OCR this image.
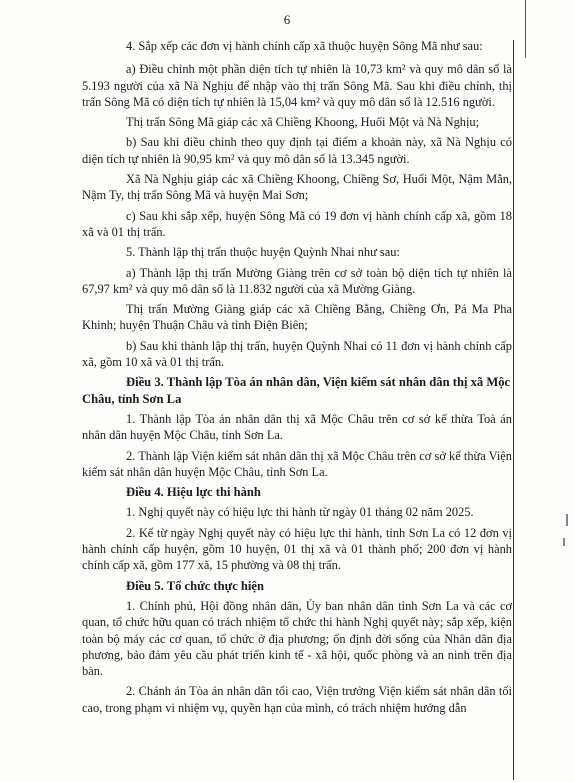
6

4. Sắp xếp các đơn vị hành chính cấp xã thuộc huyện Sông Mã như sau:

a) Điều chỉnh một phần diện tích tự nhiên là 10,73 km² và quy mô dân số là 5.193 người của xã Nà Nghịu để nhập vào thị trấn Sông Mã. Sau khi điều chỉnh, thị trấn Sông Mã có diện tích tự nhiên là 15,04 km² và quy mô dân số là 12.516 người.

Thị trấn Sông Mã giáp các xã Chiềng Khoong, Huổi Một và Nà Nghịu;

b) Sau khi điều chỉnh theo quy định tại điểm a khoản này, xã Nà Nghịu có diện tích tự nhiên là 90,95 km² và quy mô dân số là 13.345 người.

Xã Nà Nghịu giáp các xã Chiềng Khoong, Chiềng Sơ, Huổi Một, Nậm Mằn, Nậm Ty, thị trấn Sông Mã và huyện Mai Sơn;

c) Sau khi sắp xếp, huyện Sông Mã có 19 đơn vị hành chính cấp xã, gồm 18 xã và 01 thị trấn.

5. Thành lập thị trấn thuộc huyện Quỳnh Nhai như sau:

a) Thành lập thị trấn Mường Giàng trên cơ sở toàn bộ diện tích tự nhiên là 67,97 km² và quy mô dân số là 11.832 người của xã Mường Giàng.

Thị trấn Mường Giàng giáp các xã Chiềng Bằng, Chiềng Ơn, Pá Ma Pha Khinh; huyện Thuận Châu và tỉnh Điện Biên;

b) Sau khi thành lập thị trấn, huyện Quỳnh Nhai có 11 đơn vị hành chính cấp xã, gồm 10 xã và 01 thị trấn.

Điều 3. Thành lập Tòa án nhân dân, Viện kiểm sát nhân dân thị xã Mộc Châu, tỉnh Sơn La

1. Thành lập Tòa án nhân dân thị xã Mộc Châu trên cơ sở kế thừa Toà án nhân dân huyện Mộc Châu, tỉnh Sơn La.

2. Thành lập Viện kiểm sát nhân dân thị xã Mộc Châu trên cơ sở kế thừa Viện kiểm sát nhân dân huyện Mộc Châu, tỉnh Sơn La.

Điều 4. Hiệu lực thi hành

1. Nghị quyết này có hiệu lực thi hành từ ngày 01 tháng 02 năm 2025.

2. Kể từ ngày Nghị quyết này có hiệu lực thi hành, tỉnh Sơn La có 12 đơn vị hành chính cấp huyện, gồm 10 huyện, 01 thị xã và 01 thành phố; 200 đơn vị hành chính cấp xã, gồm 177 xã, 15 phường và 08 thị trấn.

Điều 5. Tổ chức thực hiện

1. Chính phủ, Hội đồng nhân dân, Ủy ban nhân dân tỉnh Sơn La và các cơ quan, tổ chức hữu quan có trách nhiệm tổ chức thi hành Nghị quyết này; sắp xếp, kiện toàn bộ máy các cơ quan, tổ chức ở địa phương; ổn định đời sống của Nhân dân địa phương, bảo đảm yêu cầu phát triển kinh tế - xã hội, quốc phòng và an ninh trên địa bàn.

2. Chánh án Tòa án nhân dân tối cao, Viện trưởng Viện kiểm sát nhân dân tối cao, trong phạm vi nhiệm vụ, quyền hạn của mình, có trách nhiệm hướng dẫn
